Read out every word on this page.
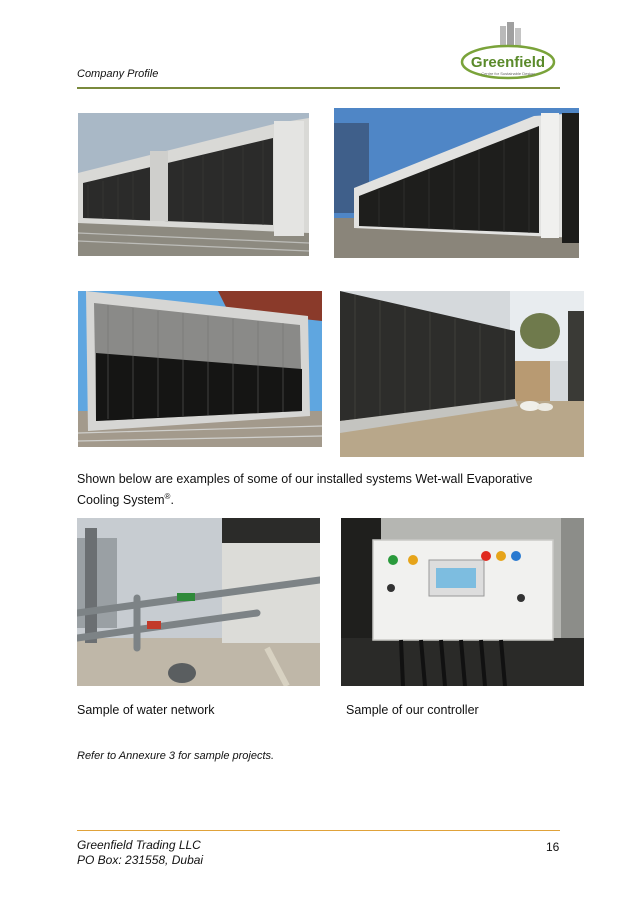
Company Profile
Greenfield
Centre for Sustainable Design
Shown below are examples of some of our installed systems Wet-wall Evaporative Cooling System®.
Sample of water network	Sample of our controller
Refer to Annexure 3 for sample projects.
Greenfield Trading LLC
PO Box: 231558, Dubai
16
